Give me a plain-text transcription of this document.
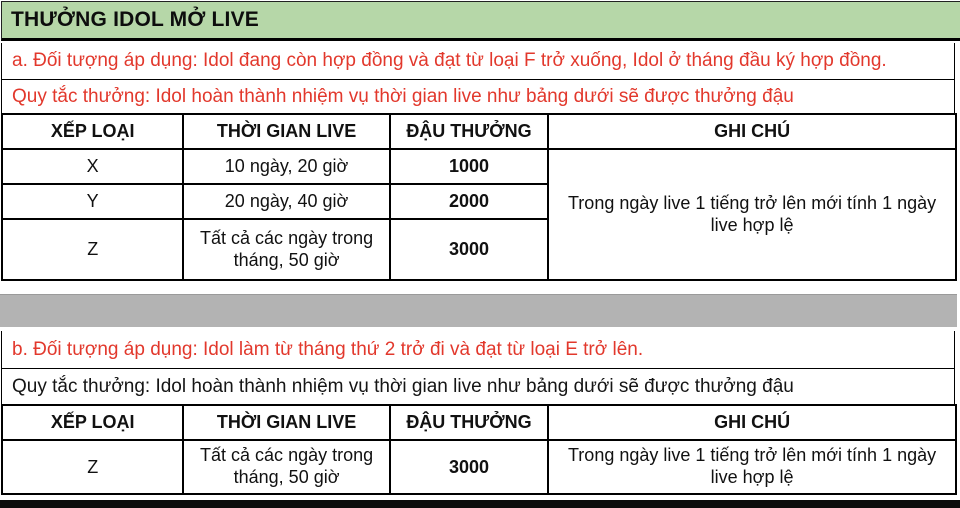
THƯỞNG IDOL MỞ LIVE
a. Đối tượng áp dụng: Idol đang còn hợp đồng và đạt từ loại F trở xuống, Idol ở tháng đầu ký hợp đồng.
Quy tắc thưởng: Idol hoàn thành nhiệm vụ thời gian live như bảng dưới sẽ được thưởng đậu
XẾP LOẠI	THỜI GIAN LIVE	ĐẬU THƯỞNG	GHI CHÚ
X	10 ngày, 20 giờ	1000	Trong ngày live 1 tiếng trở lên mới tính 1 ngày live hợp lệ
Y	20 ngày, 40 giờ	2000	
Z	Tất cả các ngày trong tháng, 50 giờ	3000	
b. Đối tượng áp dụng: Idol làm từ tháng thứ 2 trở đi và đạt từ loại E trở lên.
Quy tắc thưởng: Idol hoàn thành nhiệm vụ thời gian live như bảng dưới sẽ được thưởng đậu
XẾP LOẠI	THỜI GIAN LIVE	ĐẬU THƯỞNG	GHI CHÚ
Z	Tất cả các ngày trong tháng, 50 giờ	3000	Trong ngày live 1 tiếng trở lên mới tính 1 ngày live hợp lệ
